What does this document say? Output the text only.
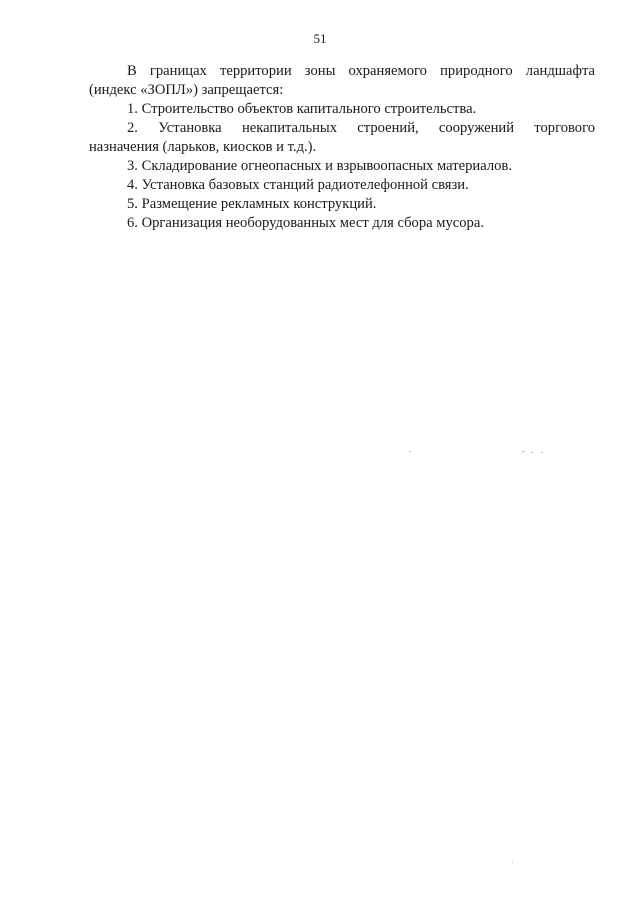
51

В границах территории зоны охраняемого природного ландшафта

(индекс «ЗОПЛ») запрещается:

1. Строительство объектов капитального строительства.

2. Установка некапитальных строений, сооружений торгового

назначения (ларьков, киосков и т.д.).

3. Складирование огнеопасных и взрывоопасных материалов.

4. Установка базовых станций радиотелефонной связи.

5. Размещение рекламных конструкций.

6. Организация необорудованных мест для сбора мусора.
